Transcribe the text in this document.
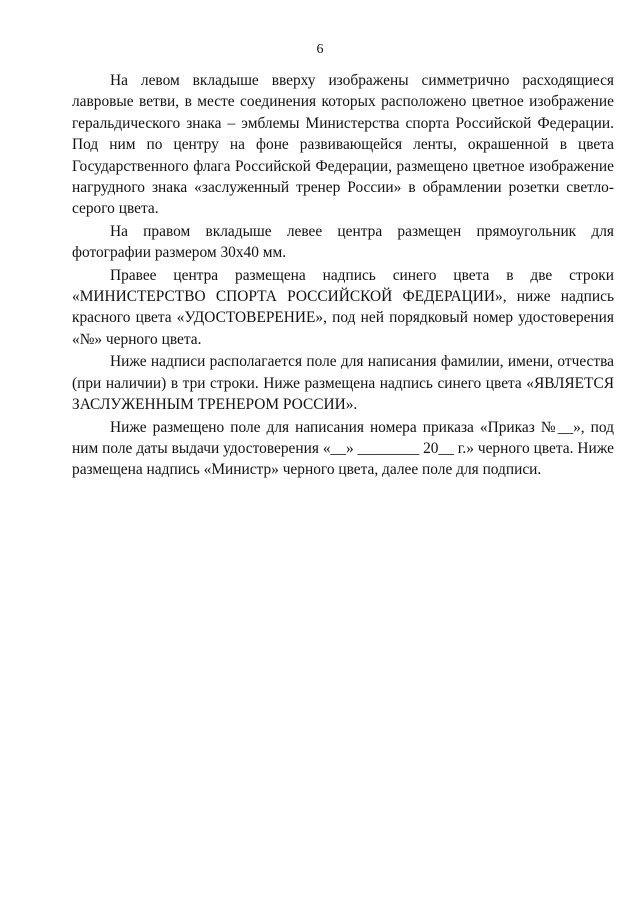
6

На левом вкладыше вверху изображены симметрично расходящиеся лавровые ветви, в месте соединения которых расположено цветное изображение геральдического знака – эмблемы Министерства спорта Российской Федерации. Под ним по центру на фоне развивающейся ленты, окрашенной в цвета Государственного флага Российской Федерации, размещено цветное изображение нагрудного знака «заслуженный тренер России» в обрамлении розетки светло-серого цвета.

На правом вкладыше левее центра размещен прямоугольник для фотографии размером 30х40 мм.

Правее центра размещена надпись синего цвета в две строки «МИНИСТЕРСТВО СПОРТА РОССИЙСКОЙ ФЕДЕРАЦИИ», ниже надпись красного цвета «УДОСТОВЕРЕНИЕ», под ней порядковый номер удостоверения «№» черного цвета.

Ниже надписи располагается поле для написания фамилии, имени, отчества (при наличии) в три строки. Ниже размещена надпись синего цвета «ЯВЛЯЕТСЯ ЗАСЛУЖЕННЫМ ТРЕНЕРОМ РОССИИ».

Ниже размещено поле для написания номера приказа «Приказ №__», под ним поле даты выдачи удостоверения «__» ________ 20__ г.» черного цвета. Ниже размещена надпись «Министр» черного цвета, далее поле для подписи.
